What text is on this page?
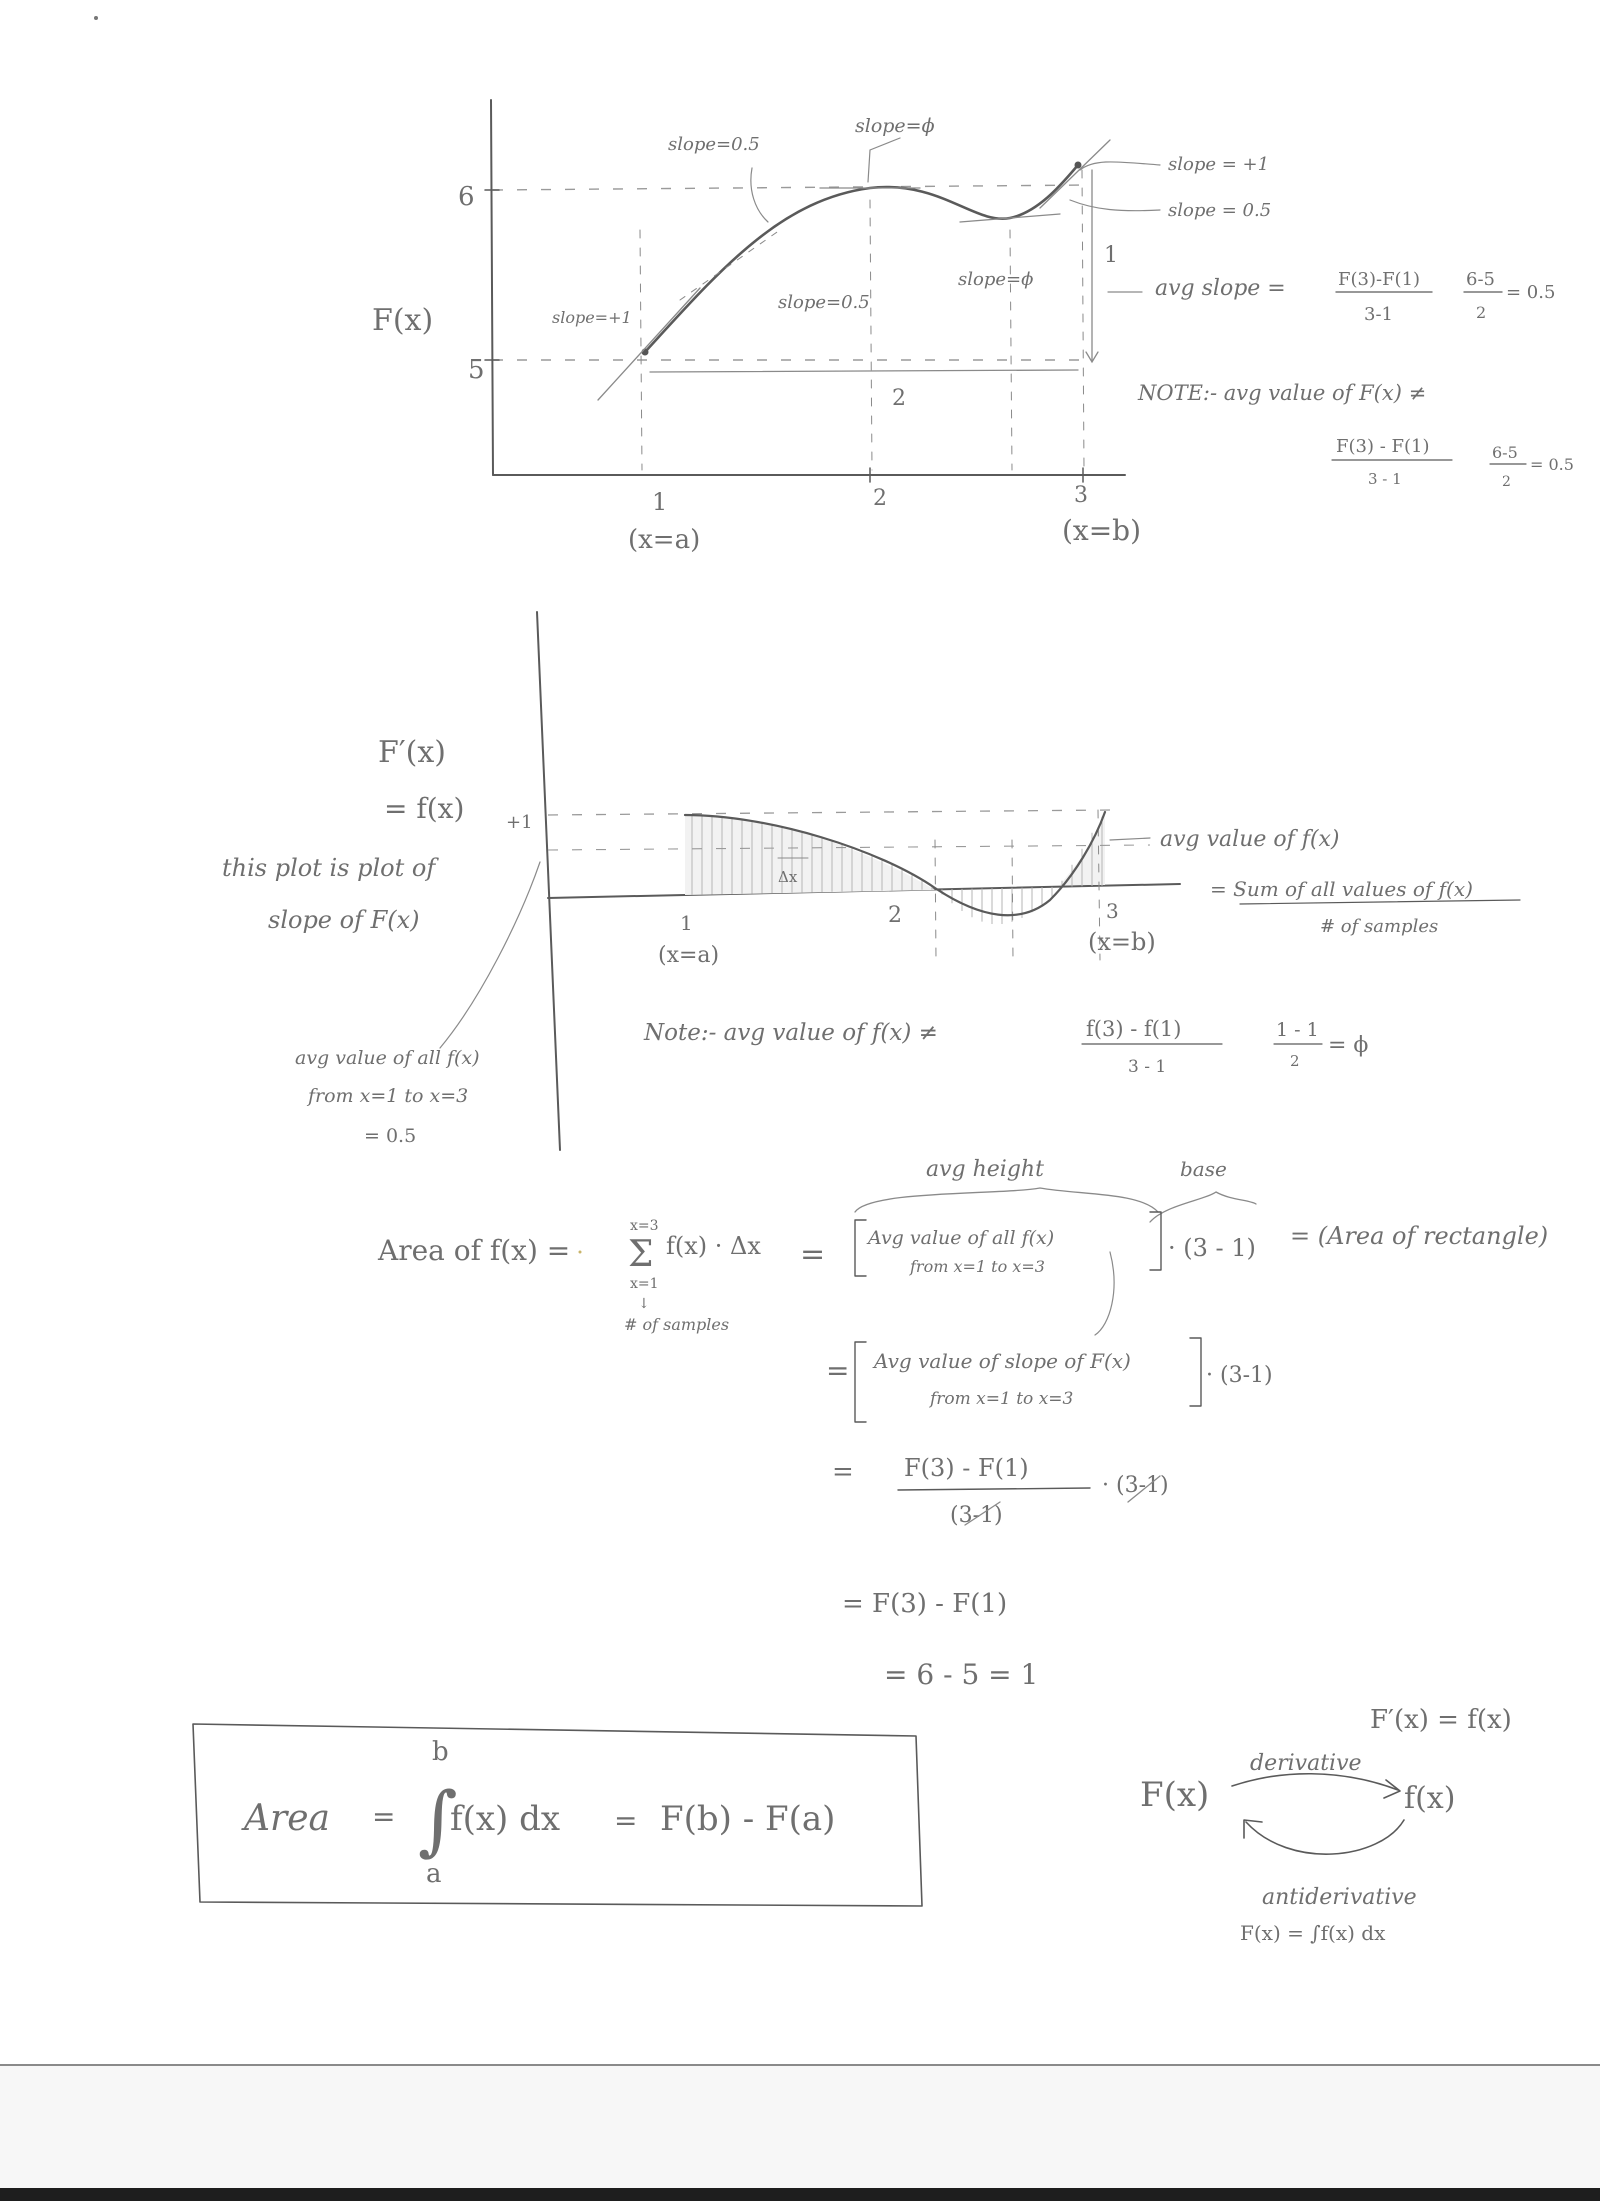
F(x)
6
5
1	2	3
(x=a)	(x=b)
slope=ϕ
slope=0.5
slope = +1
slope = 0.5
slope=ϕ
slope=0.5
slope=+1
1
2
avg slope =	F(3)-F(1)
3-1
6-5
2
= 0.5
NOTE:- avg value of F(x) ≠
F(3) - F(1)
3 - 1
6-5
2
= 0.5
F′(x)
= f(x)
this plot is plot of
slope of F(x)
+1
1	2	3
Δx
(x=a)	(x=b)
avg value of f(x)
= Sum of all values of f(x)
# of samples
avg value of all f(x)
from x=1 to x=3
= 0.5
Note:- avg value of f(x) ≠	f(3) - f(1)
3 - 1
1 - 1
2
= ϕ
Area of f(x) =
x=3
Σ
x=1
f(x) · Δx =
↓
# of samples
avg height	base
Avg value of all f(x)
from x=1 to x=3
· (3 - 1) = (Area of rectangle)
= Avg value of slope of F(x)
from x=1 to x=3
· (3-1)
= F(3) - F(1)
(3-1)
· (3-1)
= F(3) - F(1)
= 6 - 5 = 1
Area =
b
∫
a
f(x) dx = F(b) - F(a)
F′(x) = f(x)
F(x)	f(x)
derivative
antiderivative
F(x) = ∫f(x) dx
